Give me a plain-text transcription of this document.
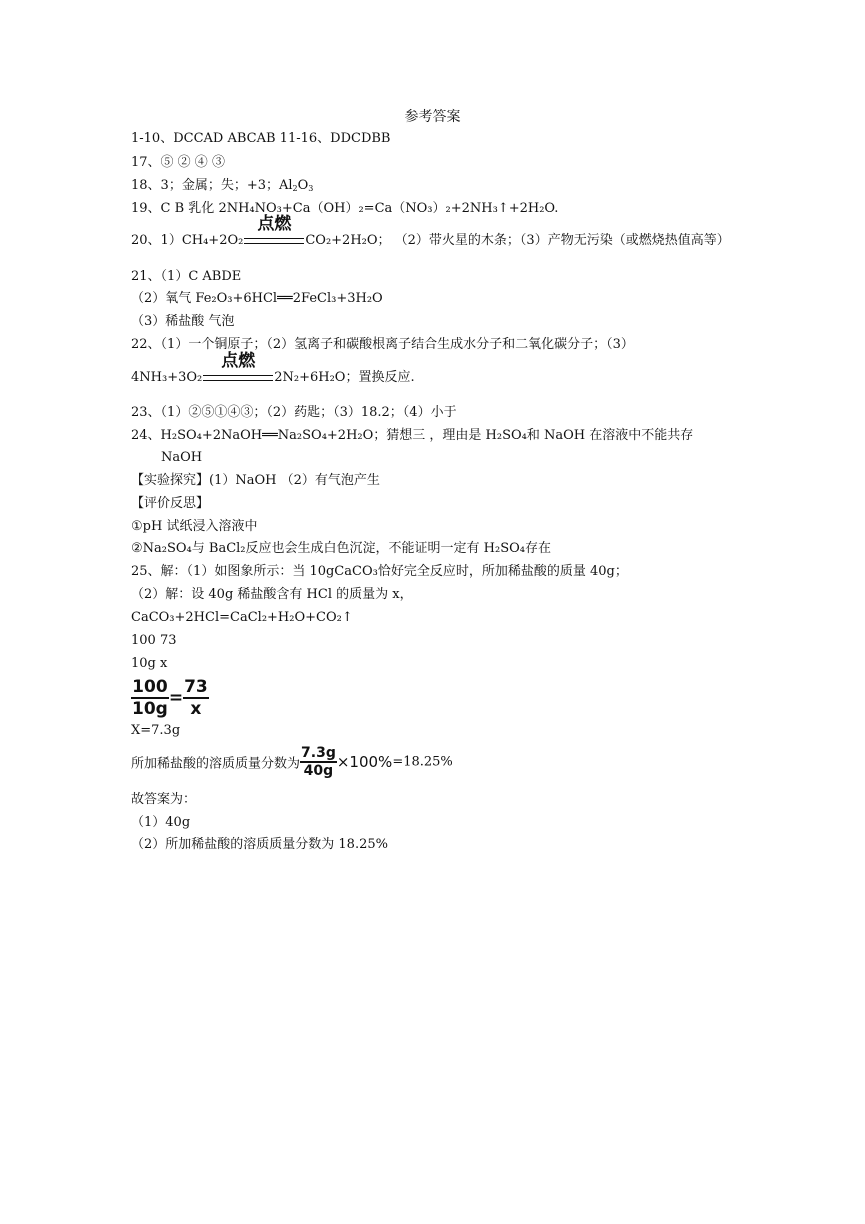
参考答案
1-10、DCCAD ABCAB 11-16、DDCDBB
17、⑤ ② ④ ③
18、3；金属；失；+3；$Al_2O_3$
19、C B 乳化 2NH₄NO₃+Ca（OH）₂=Ca（NO₃）₂+2NH₃↑+2H₂O.
20、1）CH₄+2O₂
点燃
CO₂+2H₂O； （2）带火星的木条；（3）产物无污染（或燃烧热值高等）
21、（1）C ABDE
（2）氧气 Fe₂O₃+6HCl══2FeCl₃+3H₂O
（3）稀盐酸 气泡
22、（1）一个铜原子；（2）氢离子和碳酸根离子结合生成水分子和二氧化碳分子；（3）
4NH₃+3O₂
点燃
2N₂+6H₂O；置换反应.
23、（1）②⑤①④③；（2）药匙；（3）18.2；（4）小于
24、H₂SO₄+2NaOH══Na₂SO₄+2H₂O；猜想三 ，理由是 H₂SO₄和 NaOH 在溶液中不能共存
NaOH
【实验探究】(1）NaOH （2）有气泡产生
【评价反思】
①pH 试纸浸入溶液中
②Na₂SO₄与 BaCl₂反应也会生成白色沉淀，不能证明一定有 H₂SO₄存在
25、解：（1）如图象所示：当 10gCaCO₃恰好完全反应时，所加稀盐酸的质量 40g；
（2）解：设 40g 稀盐酸含有 HCl 的质量为 x，
CaCO₃+2HCl=CaCl₂+H₂O+CO₂↑
100 73
10g x
$\frac{100}{10g} = \frac{73}{x}$
X=7.3g
所加稀盐酸的溶质质量分数为 $\frac{7.3g}{40g} \times 100\%=18.25\%$
故答案为：
（1）40g
（2）所加稀盐酸的溶质质量分数为 18.25%
